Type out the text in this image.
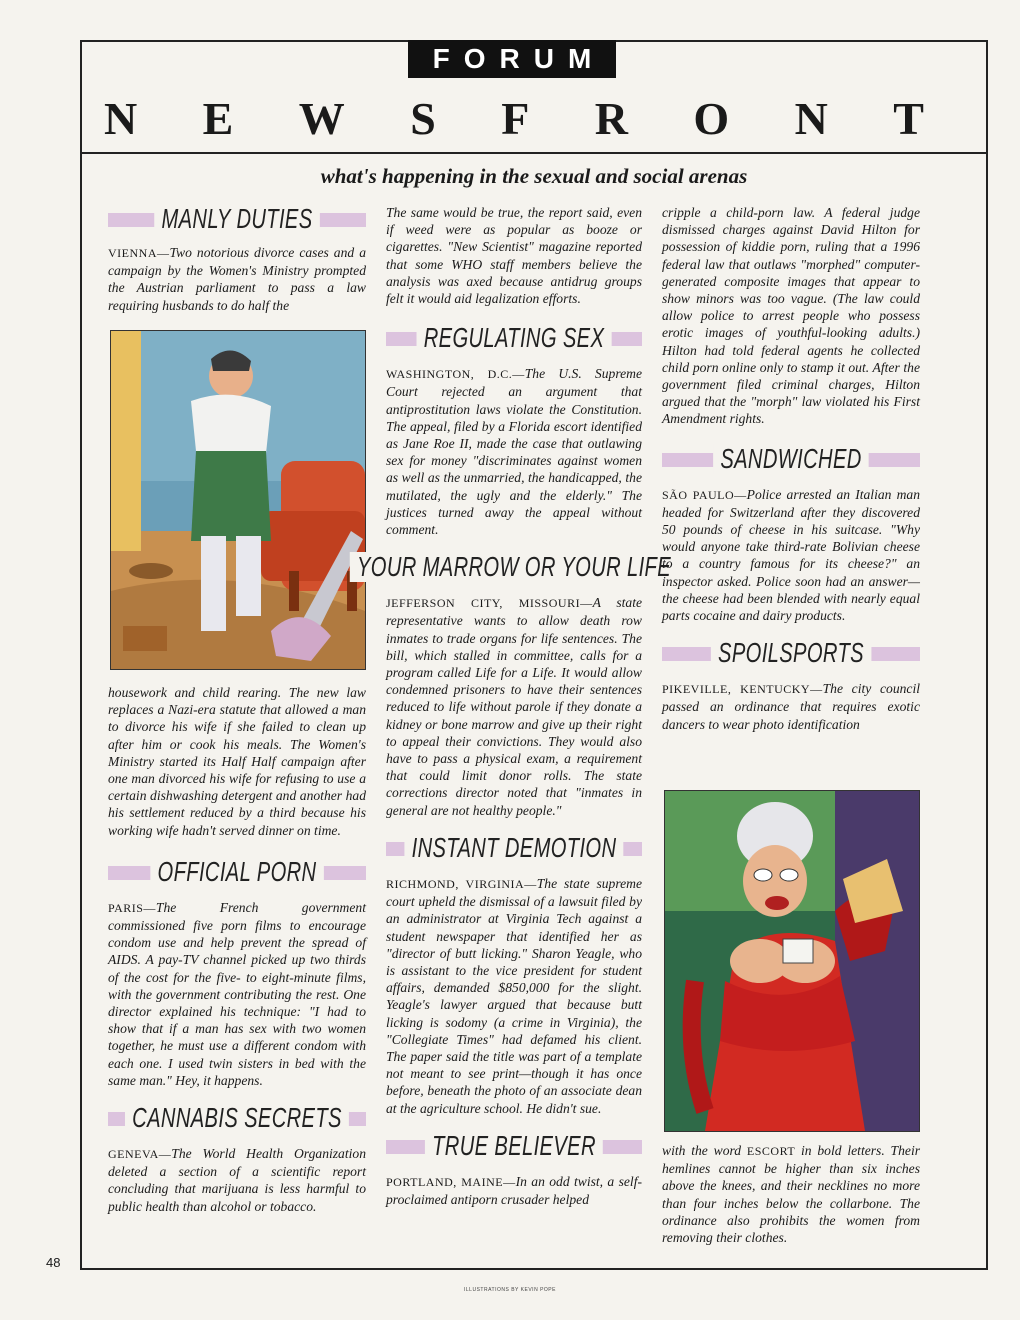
FORUM
N E W S F R O N T
what's happening in the sexual and social arenas
MANLY DUTIES

VIENNA—Two notorious divorce cases and a campaign by the Women's Ministry prompted the Austrian parliament to pass a law requiring husbands to do half the

housework and child rearing. The new law replaces a Nazi-era statute that allowed a man to divorce his wife if she failed to clean up after him or cook his meals. The Women's Ministry started its Half Half campaign after one man divorced his wife for refusing to use a certain dishwashing detergent and another had his settlement reduced by a third because his working wife hadn't served dinner on time.

OFFICIAL PORN

PARIS—The French government commissioned five porn films to encourage condom use and help prevent the spread of AIDS. A pay-TV channel picked up two thirds of the cost for the five- to eight-minute films, with the government contributing the rest. One director explained his technique: "I had to show that if a man has sex with two women together, he must use a different condom with each one. I used twin sisters in bed with the same man." Hey, it happens.

CANNABIS SECRETS

GENEVA—The World Health Organization deleted a section of a scientific report concluding that marijuana is less harmful to public health than alcohol or tobacco.

The same would be true, the report said, even if weed were as popular as booze or cigarettes. "New Scientist" magazine reported that some WHO staff members believe the analysis was axed because antidrug groups felt it would aid legalization efforts.

REGULATING SEX

WASHINGTON, D.C.—The U.S. Supreme Court rejected an argument that antiprostitution laws violate the Constitution. The appeal, filed by a Florida escort identified as Jane Roe II, made the case that outlawing sex for money "discriminates against women as well as the unmarried, the handicapped, the mutilated, the ugly and the elderly." The justices turned away the appeal without comment.

YOUR MARROW OR YOUR LIFE

JEFFERSON CITY, MISSOURI—A state representative wants to allow death row inmates to trade organs for life sentences. The bill, which stalled in committee, calls for a program called Life for a Life. It would allow condemned prisoners to have their sentences reduced to life without parole if they donate a kidney or bone marrow and give up their right to appeal their convictions. They would also have to pass a physical exam, a requirement that could limit donor rolls. The state corrections director noted that "inmates in general are not healthy people."

INSTANT DEMOTION

RICHMOND, VIRGINIA—The state supreme court upheld the dismissal of a lawsuit filed by an administrator at Virginia Tech against a student newspaper that identified her as "director of butt licking." Sharon Yeagle, who is assistant to the vice president for student affairs, demanded $850,000 for the slight. Yeagle's lawyer argued that because butt licking is sodomy (a crime in Virginia), the "Collegiate Times" had defamed his client. The paper said the title was part of a template not meant to see print—though it has once before, beneath the photo of an associate dean at the agriculture school. He didn't sue.

TRUE BELIEVER

PORTLAND, MAINE—In an odd twist, a self-proclaimed antiporn crusader helped

cripple a child-porn law. A federal judge dismissed charges against David Hilton for possession of kiddie porn, ruling that a 1996 federal law that outlaws "morphed" computer-generated composite images that appear to show minors was too vague. (The law could allow police to arrest people who possess erotic images of youthful-looking adults.) Hilton had told federal agents he collected child porn online only to stamp it out. After the government filed criminal charges, Hilton argued that the "morph" law violated his First Amendment rights.

SANDWICHED

SÃO PAULO—Police arrested an Italian man headed for Switzerland after they discovered 50 pounds of cheese in his suitcase. "Why would anyone take third-rate Bolivian cheese to a country famous for its cheese?" an inspector asked. Police soon had an answer—the cheese had been blended with nearly equal parts cocaine and dairy products.

SPOILSPORTS

PIKEVILLE, KENTUCKY—The city council passed an ordinance that requires exotic dancers to wear photo identification

with the word ESCORT in bold letters. Their hemlines cannot be higher than six inches above the knees, and their necklines no more than four inches below the collarbone. The ordinance also prohibits the women from removing their clothes.

48
ILLUSTRATIONS BY KEVIN POPE
